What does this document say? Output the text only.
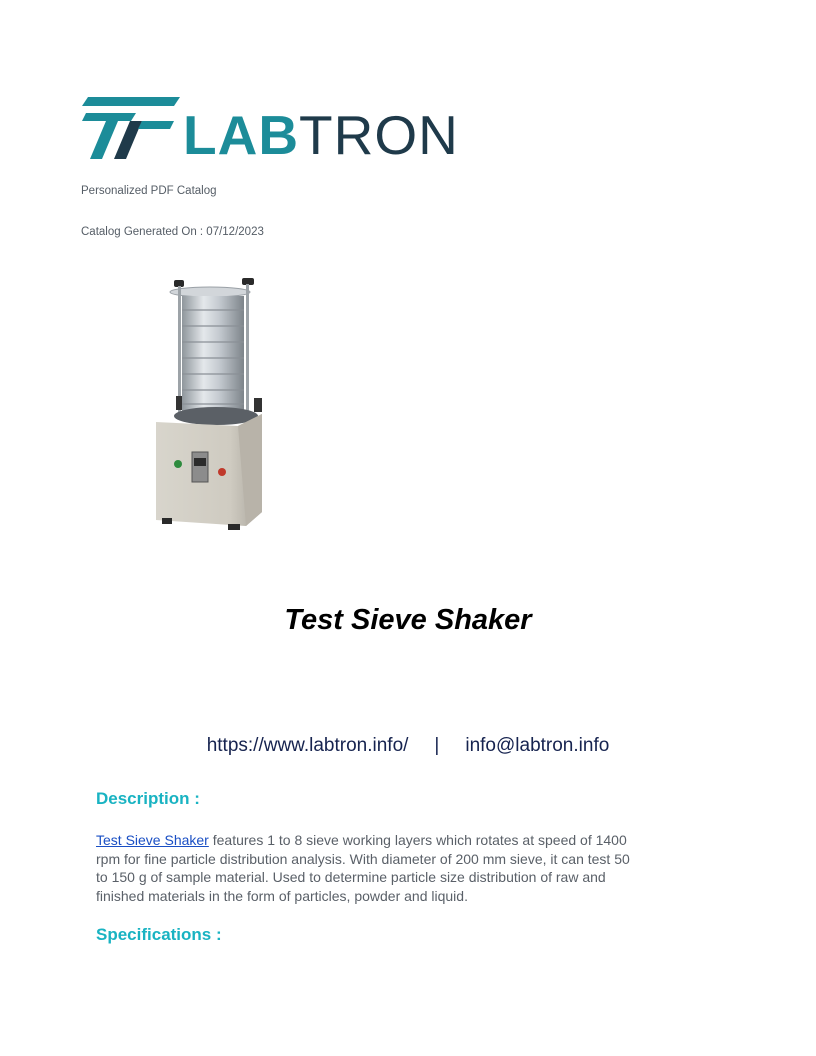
LABTRON
Personalized PDF Catalog
Catalog Generated On : 07/12/2023
Test Sieve Shaker
https://www.labtron.info/ | info@labtron.info
Description :
Test Sieve Shaker features 1 to 8 sieve working layers which rotates at speed of 1400 rpm for fine particle distribution analysis. With diameter of 200 mm sieve, it can test 50 to 150 g of sample material. Used to determine particle size distribution of raw and finished materials in the form of particles, powder and liquid.
Specifications :
